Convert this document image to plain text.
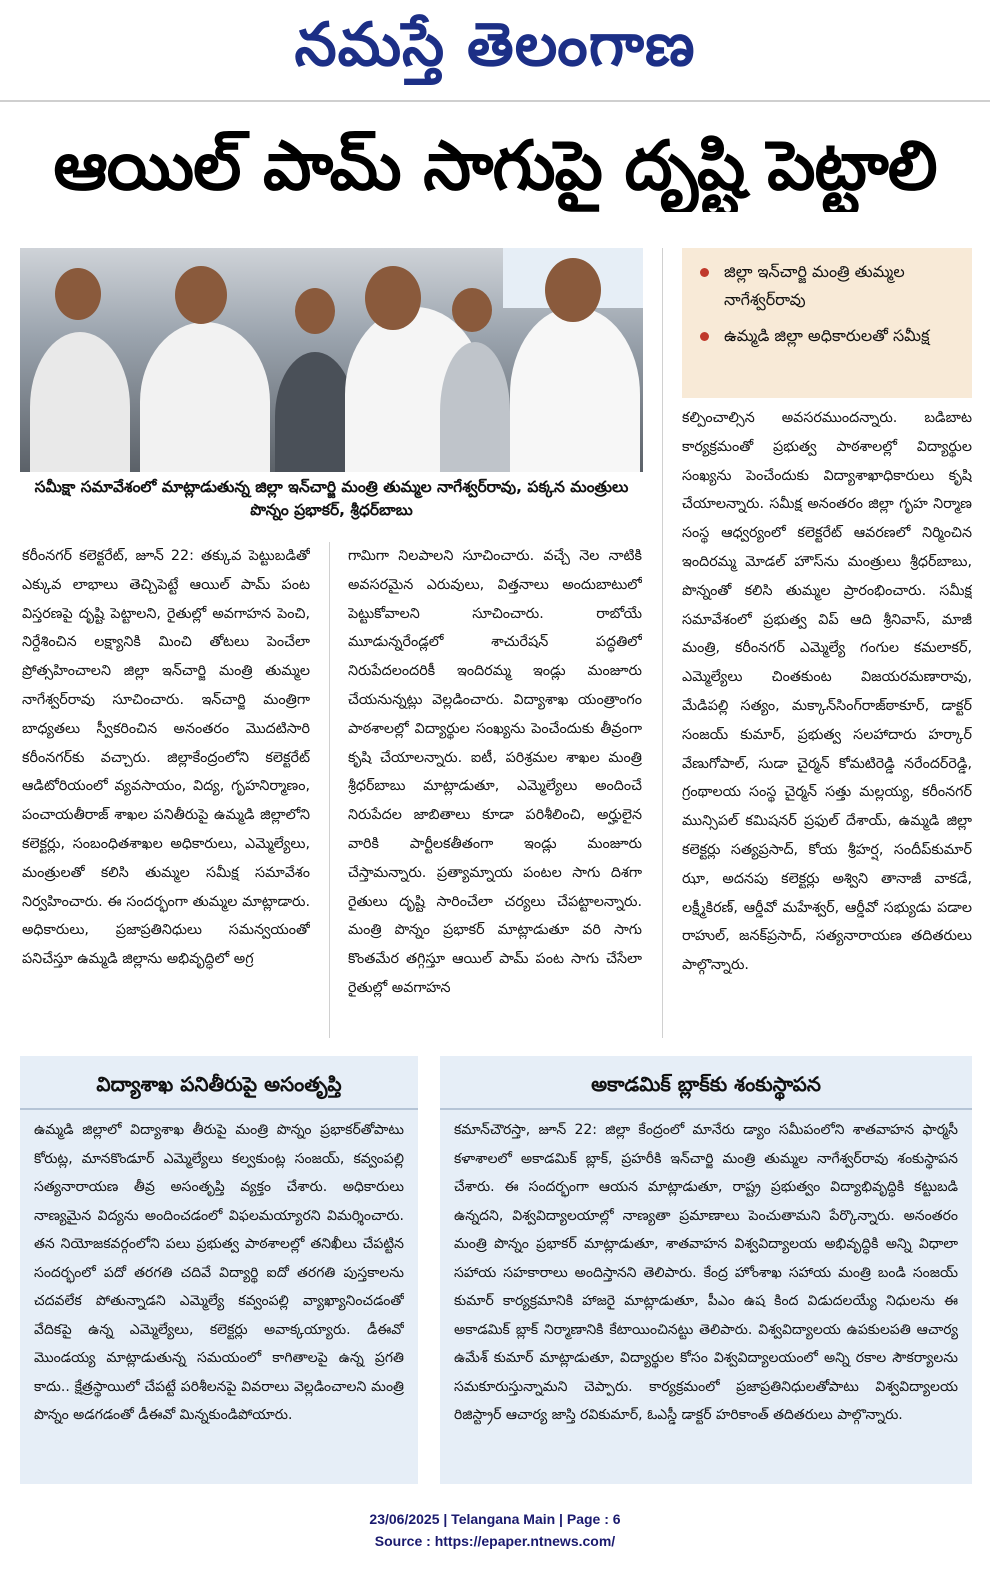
నమస్తే తెలంగాణ
ఆయిల్ పామ్ సాగుపై దృష్టి పెట్టాలి
సమీక్షా సమావేశంలో మాట్లాడుతున్న జిల్లా ఇన్‌చార్జి మంత్రి తుమ్మల నాగేశ్వర్‌రావు, పక్కన మంత్రులు పొన్నం ప్రభాకర్, శ్రీధర్‌బాబు
జిల్లా ఇన్‌చార్జి మంత్రి తుమ్మల నాగేశ్వర్‌రావు
ఉమ్మడి జిల్లా అధికారులతో సమీక్ష
కరీంనగర్ కలెక్టరేట్, జూన్ 22: తక్కువ పెట్టుబడితో ఎక్కువ లాభాలు తెచ్చిపెట్టే ఆయిల్ పామ్ పంట విస్తరణపై దృష్టి పెట్టాలని, రైతుల్లో అవగాహన పెంచి, నిర్దేశించిన లక్ష్యానికి మించి తోటలు పెంచేలా ప్రోత్సహించాలని జిల్లా ఇన్‌చార్జి మంత్రి తుమ్మల నాగేశ్వర్‌రావు సూచించారు. ఇన్‌చార్జి మంత్రిగా బాధ్యతలు స్వీకరించిన అనంతరం మొదటిసారి కరీంనగర్‌కు వచ్చారు. జిల్లాకేంద్రంలోని కలెక్టరేట్ ఆడిటోరియంలో వ్యవసాయం, విద్య, గృహనిర్మాణం, పంచాయతీరాజ్ శాఖల పనితీరుపై ఉమ్మడి జిల్లాలోని కలెక్టర్లు, సంబంధితశాఖల అధికారులు, ఎమ్మెల్యేలు, మంత్రులతో కలిసి తుమ్మల సమీక్ష సమావేశం నిర్వహించారు. ఈ సందర్భంగా తుమ్మల మాట్లాడారు. అధికారులు, ప్రజాప్రతినిధులు సమన్వయంతో పనిచేస్తూ ఉమ్మడి జిల్లాను అభివృద్ధిలో అగ్ర
గామిగా నిలపాలని సూచించారు. వచ్చే నెల నాటికి అవసరమైన ఎరువులు, విత్తనాలు అందుబాటులో పెట్టుకోవాలని సూచించారు. రాబోయే మూడున్నరేండ్లలో శాచురేషన్ పద్ధతిలో నిరుపేదలందరికీ ఇందిరమ్మ ఇండ్లు మంజూరు చేయనున్నట్లు వెల్లడించారు. విద్యాశాఖ యంత్రాంగం పాఠశాలల్లో విద్యార్థుల సంఖ్యను పెంచేందుకు తీవ్రంగా కృషి చేయాలన్నారు. ఐటీ, పరిశ్రమల శాఖల మంత్రి శ్రీధర్‌బాబు మాట్లాడుతూ, ఎమ్మెల్యేలు అందించే నిరుపేదల జాబితాలు కూడా పరిశీలించి, అర్హులైన వారికి పార్టీలకతీతంగా ఇండ్లు మంజూరు చేస్తామన్నారు. ప్రత్యామ్నాయ పంటల సాగు దిశగా రైతులు దృష్టి సారించేలా చర్యలు చేపట్టాలన్నారు. మంత్రి పొన్నం ప్రభాకర్ మాట్లాడుతూ వరి సాగు కొంతమేర తగ్గిస్తూ ఆయిల్ పామ్ పంట సాగు చేసేలా రైతుల్లో అవగాహన
కల్పించాల్సిన అవసరముందన్నారు. బడిబాట కార్యక్రమంతో ప్రభుత్వ పాఠశాలల్లో విద్యార్థుల సంఖ్యను పెంచేందుకు విద్యాశాఖాధికారులు కృషి చేయాలన్నారు. సమీక్ష అనంతరం జిల్లా గృహ నిర్మాణ సంస్థ ఆధ్వర్యంలో కలెక్టరేట్ ఆవరణలో నిర్మించిన ఇందిరమ్మ మోడల్ హౌస్‌ను మంత్రులు శ్రీధర్‌బాబు, పొన్నంతో కలిసి తుమ్మల ప్రారంభించారు. సమీక్ష సమావేశంలో ప్రభుత్వ విప్ ఆది శ్రీనివాస్, మాజీ మంత్రి, కరీంనగర్ ఎమ్మెల్యే గంగుల కమలాకర్, ఎమ్మెల్యేలు చింతకుంట విజయరమణారావు, మేడిపల్లి సత్యం, మక్కాన్‌సింగ్‌రాజ్‌ఠాకూర్, డాక్టర్ సంజయ్ కుమార్, ప్రభుత్వ సలహాదారు హర్కార్ వేణుగోపాల్, సుడా చైర్మన్ కోమటిరెడ్డి నరేందర్‌రెడ్డి, గ్రంథాలయ సంస్థ చైర్మన్ సత్తు మల్లయ్య, కరీంనగర్ మున్సిపల్ కమిషనర్ ప్రఫుల్ దేశాయ్, ఉమ్మడి జిల్లా కలెక్టర్లు సత్యప్రసాద్, కోయ శ్రీహర్ష, సందీప్‌కుమార్ ఝా, అదనపు కలెక్టర్లు అశ్విని తానాజీ వాకడే, లక్ష్మీకిరణ్, ఆర్డీవో మహేశ్వర్, ఆర్డీవో సభ్యుడు పడాల రాహుల్, జనక్‌ప్రసాద్, సత్యనారాయణ తదితరులు పాల్గొన్నారు.
విద్యాశాఖ పనితీరుపై అసంతృప్తి
ఉమ్మడి జిల్లాలో విద్యాశాఖ తీరుపై మంత్రి పొన్నం ప్రభాకర్‌తోపాటు కోరుట్ల, మానకొండూర్ ఎమ్మెల్యేలు కల్వకుంట్ల సంజయ్, కవ్వంపల్లి సత్యనారాయణ తీవ్ర అసంతృప్తి వ్యక్తం చేశారు. అధికారులు నాణ్యమైన విద్యను అందించడంలో విఫలమయ్యారని విమర్శించారు. తన నియోజకవర్గంలోని పలు ప్రభుత్వ పాఠశాలల్లో తనిఖీలు చేపట్టిన సందర్భంలో పదో తరగతి చదివే విద్యార్థి ఐదో తరగతి పుస్తకాలను చదవలేక పోతున్నాడని ఎమ్మెల్యే కవ్వంపల్లి వ్యాఖ్యానించడంతో వేదికపై ఉన్న ఎమ్మెల్యేలు, కలెక్టర్లు అవాక్కయ్యారు. డీఈవో మొండయ్య మాట్లాడుతున్న సమయంలో కాగితాలపై ఉన్న ప్రగతి కాదు.. క్షేత్రస్థాయిలో చేపట్టే పరిశీలనపై వివరాలు వెల్లడించాలని మంత్రి పొన్నం అడగడంతో డీఈవో మిన్నకుండిపోయారు.
అకాడమిక్ బ్లాక్‌కు శంకుస్థాపన
కమాన్‌చౌరస్తా, జూన్ 22: జిల్లా కేంద్రంలో మానేరు డ్యాం సమీపంలోని శాతవాహన ఫార్మసీ కళాశాలలో అకాడమిక్ బ్లాక్, ప్రహరీకి ఇన్‌చార్జి మంత్రి తుమ్మల నాగేశ్వర్‌రావు శంకుస్థాపన చేశారు. ఈ సందర్భంగా ఆయన మాట్లాడుతూ, రాష్ట్ర ప్రభుత్వం విద్యాభివృద్ధికి కట్టుబడి ఉన్నదని, విశ్వవిద్యాలయాల్లో నాణ్యతా ప్రమాణాలు పెంచుతామని పేర్కొన్నారు. అనంతరం మంత్రి పొన్నం ప్రభాకర్ మాట్లాడుతూ, శాతవాహన విశ్వవిద్యాలయ అభివృద్ధికి అన్ని విధాలా సహాయ సహకారాలు అందిస్తానని తెలిపారు. కేంద్ర హోంశాఖ సహాయ మంత్రి బండి సంజయ్ కుమార్ కార్యక్రమానికి హాజరై మాట్లాడుతూ, పీఎం ఉష కింద విడుదలయ్యే నిధులను ఈ అకాడమిక్ బ్లాక్ నిర్మాణానికి కేటాయించినట్టు తెలిపారు. విశ్వవిద్యాలయ ఉపకులపతి ఆచార్య ఉమేశ్ కుమార్ మాట్లాడుతూ, విద్యార్థుల కోసం విశ్వవిద్యాలయంలో అన్ని రకాల సౌకర్యాలను సమకూరుస్తున్నామని చెప్పారు. కార్యక్రమంలో ప్రజాప్రతినిధులతోపాటు విశ్వవిద్యాలయ రిజిస్ట్రార్ ఆచార్య జాస్తి రవికుమార్, ఓఎస్డీ డాక్టర్ హరికాంత్ తదితరులు పాల్గొన్నారు.
23/06/2025 | Telangana Main | Page : 6
Source : https://epaper.ntnews.com/
